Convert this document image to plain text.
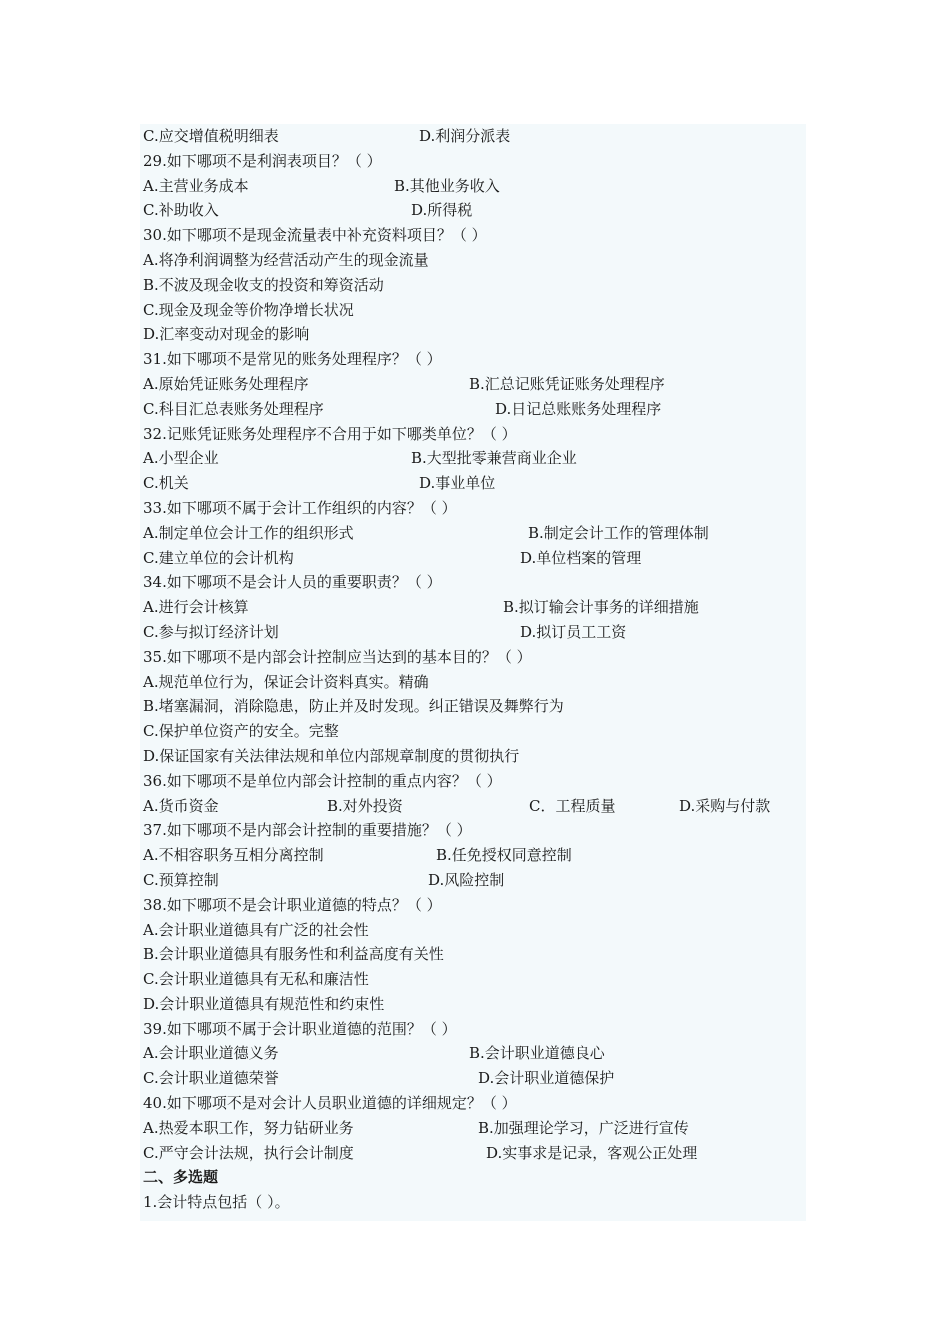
C.应交增值税明细表	D.利润分派表
29.如下哪项不是利润表项目？（ ）
A.主营业务成本	B.其他业务收入
C.补助收入	D.所得税
30.如下哪项不是现金流量表中补充资料项目？（ ）
A.将净利润调整为经营活动产生的现金流量
B.不波及现金收支的投资和筹资活动
C.现金及现金等价物净增长状况
D.汇率变动对现金的影响
31.如下哪项不是常见的账务处理程序？（ ）
A.原始凭证账务处理程序	B.汇总记账凭证账务处理程序
C.科目汇总表账务处理程序	D.日记总账账务处理程序
32.记账凭证账务处理程序不合用于如下哪类单位？（ ）
A.小型企业	B.大型批零兼营商业企业
C.机关	D.事业单位
33.如下哪项不属于会计工作组织的内容？（ ）
A.制定单位会计工作的组织形式	B.制定会计工作的管理体制
C.建立单位的会计机构	D.单位档案的管理
34.如下哪项不是会计人员的重要职责？（ ）
A.进行会计核算	B.拟订输会计事务的详细措施
C.参与拟订经济计划	D.拟订员工工资
35.如下哪项不是内部会计控制应当达到的基本目的？（ ）
A.规范单位行为，保证会计资料真实。精确
B.堵塞漏洞，消除隐患，防止并及时发现。纠正错误及舞弊行为
C.保护单位资产的安全。完整
D.保证国家有关法律法规和单位内部规章制度的贯彻执行
36.如下哪项不是单位内部会计控制的重点内容？（ ）
A.货币资金	B.对外投资	C．工程质量	D.采购与付款
37.如下哪项不是内部会计控制的重要措施？（ ）
A.不相容职务互相分离控制	B.任免授权同意控制
C.预算控制	D.风险控制
38.如下哪项不是会计职业道德的特点？（ ）
A.会计职业道德具有广泛的社会性
B.会计职业道德具有服务性和利益高度有关性
C.会计职业道德具有无私和廉洁性
D.会计职业道德具有规范性和约束性
39.如下哪项不属于会计职业道德的范围？（ ）
A.会计职业道德义务	B.会计职业道德良心
C.会计职业道德荣誉	D.会计职业道德保护
40.如下哪项不是对会计人员职业道德的详细规定？（ ）
A.热爱本职工作，努力钻研业务	B.加强理论学习，广泛进行宣传
C.严守会计法规，执行会计制度	D.实事求是记录，客观公正处理
二、多选题
1.会计特点包括（ ）。
